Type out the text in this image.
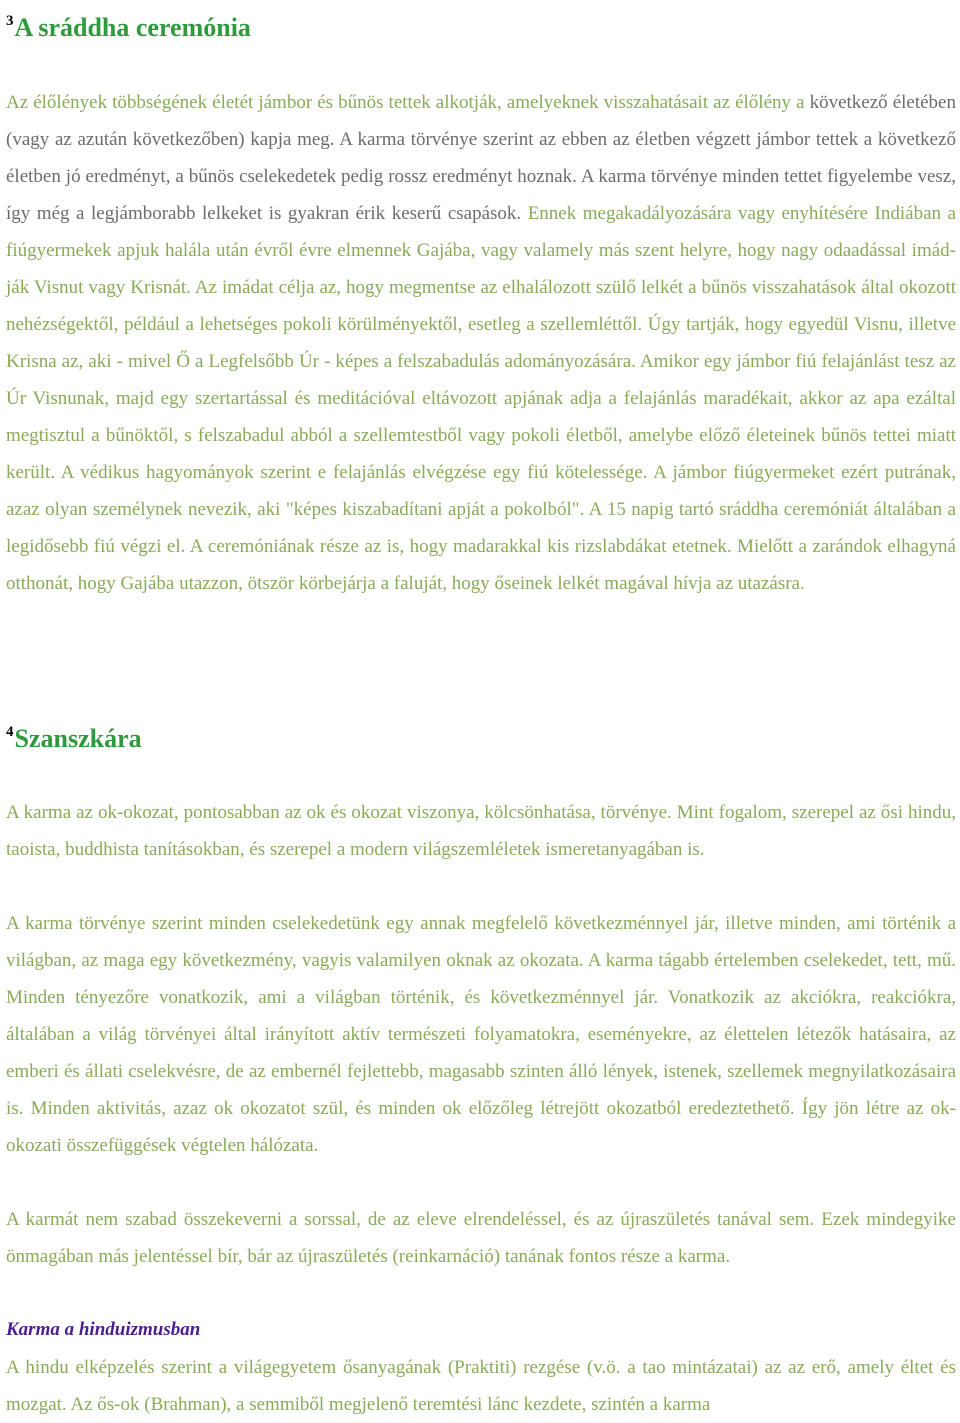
$^3$A sráddha ceremónia

Az élőlények többségének életét jámbor és bűnös tettek alkotják, amelyeknek visszahatásait az élőlény a következő életében (vagy az azután következőben) kapja meg. A karma törvénye szerint az ebben az életben végzett jámbor tettek a következő életben jó eredményt, a bűnös cselekedetek pedig rossz eredményt hoznak. A karma törvénye minden tettet figyelembe vesz, így még a legjámborabb lelkeket is gyakran érik keserű csapások. Ennek megakadályozására vagy enyhítésére Indiában a fiúgyermekek apjuk halála után évről évre elmennek Gajába, vagy valamely más szent helyre, hogy nagy odaadással imád-ják Visnut vagy Krisnát. Az imádat célja az, hogy megmentse az elhalálozott szülő lelkét a bűnös visszahatások által okozott nehézségektől, például a lehetséges pokoli körülményektől, esetleg a szellemléttől. Úgy tartják, hogy egyedül Visnu, illetve Krisna az, aki - mivel Ő a Legfelsőbb Úr - képes a felszabadulás adományozására. Amikor egy jámbor fiú felajánlást tesz az Úr Visnunak, majd egy szertartással és meditációval eltávozott apjának adja a felajánlás maradékait, akkor az apa ezáltal megtisztul a bűnöktől, s felszabadul abból a szellemtestből vagy pokoli életből, amelybe előző életeinek bűnös tettei miatt került. A védikus hagyományok szerint e felajánlás elvégzése egy fiú kötelessége. A jámbor fiúgyermeket ezért putrának, azaz olyan személynek nevezik, aki "képes kiszabadítani apját a pokolból". A 15 napig tartó sráddha ceremóniát általában a legidősebb fiú végzi el. A ceremóniának része az is, hogy madarakkal kis rizslabdákat etetnek. Mielőtt a zarándok elhagyná otthonát, hogy Gajába utazzon, ötször körbejárja a faluját, hogy őseinek lelkét magával hívja az utazásra.

$^4$Szanszkára

A karma az ok-okozat, pontosabban az ok és okozat viszonya, kölcsönhatása, törvénye. Mint fogalom, szerepel az ősi hindu, taoista, buddhista tanításokban, és szerepel a modern világszemléletek ismeretanyagában is.

A karma törvénye szerint minden cselekedetünk egy annak megfelelő következménnyel jár, illetve minden, ami történik a világban, az maga egy következmény, vagyis valamilyen oknak az okozata. A karma tágabb értelemben cselekedet, tett, mű. Minden tényezőre vonatkozik, ami a világban történik, és következménnyel jár. Vonatkozik az akciókra, reakciókra, általában a világ törvényei által irányított aktív természeti folyamatokra, eseményekre, az élettelen létezők hatásaira, az emberi és állati cselekvésre, de az embernél fejlettebb, magasabb szinten álló lények, istenek, szellemek megnyilatkozásaira is. Minden aktivitás, azaz ok okozatot szül, és minden ok előzőleg létrejött okozatból eredeztethető. Így jön létre az ok-okozati összefüggések végtelen hálózata.

A karmát nem szabad összekeverni a sorssal, de az eleve elrendeléssel, és az újraszületés tanával sem. Ezek mindegyike önmagában más jelentéssel bír, bár az újraszületés (reinkarnáció) tanának fontos része a karma.

Karma a hinduizmusban

A hindu elképzelés szerint a világegyetem ősanyagának (Praktiti) rezgése (v.ö. a tao mintázatai) az az erő, amely éltet és mozgat. Az ős-ok (Brahman), a semmiből megjelenő teremtési lánc kezdete, szintén a karma
